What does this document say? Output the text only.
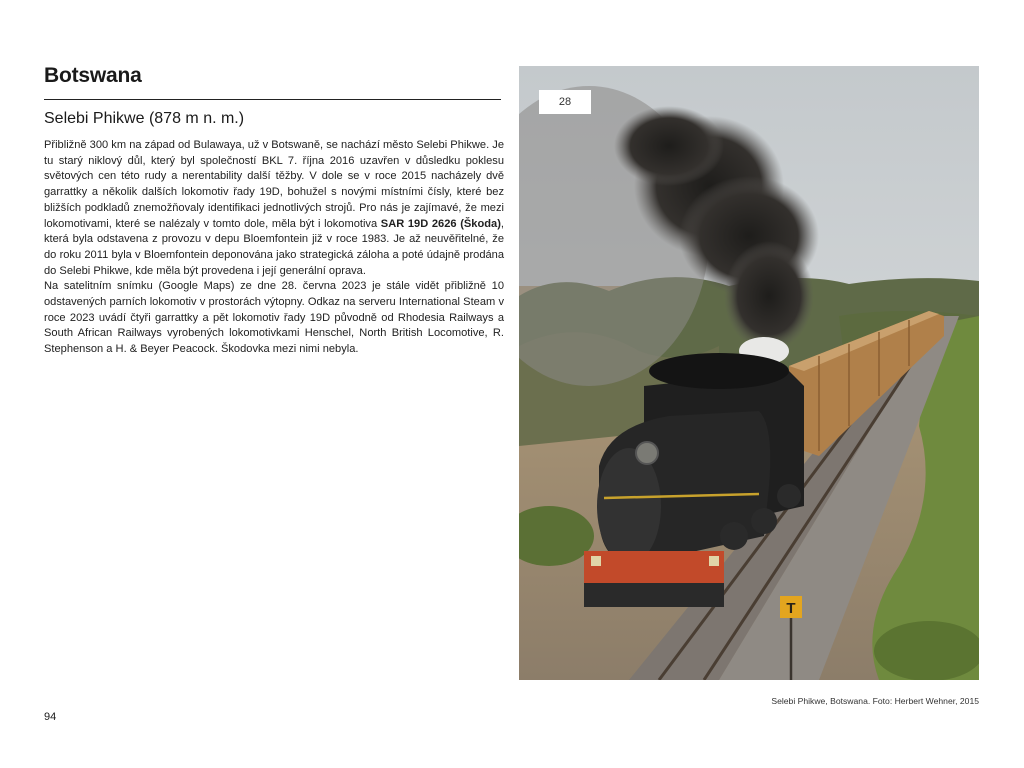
Botswana
Selebi Phikwe (878 m n. m.)

Přibližně 300 km na západ od Bulawaya, už v Botswaně, se nachází město Selebi Phikwe. Je tu starý niklový důl, který byl společností BKL 7. října 2016 uzavřen v důsledku poklesu světových cen této rudy a nerentability další těžby. V dole se v roce 2015 nacházely dvě garrattky a několik dalších lokomotiv řady 19D, bohužel s novými místními čísly, které bez bližších podkladů znemožňovaly identifikaci jednotlivých strojů. Pro nás je zajímavé, že mezi lokomotivami, které se nalézaly v tomto dole, měla být i lokomotiva SAR 19D 2626 (Škoda), která byla odstavena z provozu v depu Bloemfontein již v roce 1983. Je až neuvěřitelné, že do roku 2011 byla v Bloemfontein deponována jako strategická záloha a poté údajně prodána do Selebi Phikwe, kde měla být provedena i její generální oprava.

Na satelitním snímku (Google Maps) ze dne 28. června 2023 je stále vidět přibližně 10 odstavených parních lokomotiv v prostorách výtopny. Odkaz na serveru International Steam v roce 2023 uvádí čtyři garrattky a pět lokomotiv řady 19D původně od Rhodesia Railways a South African Railways vyrobených lokomotivkami Henschel, North British Locomotive, R. Stephenson a H. & Beyer Peacock. Škodovka mezi nimi nebyla.

T
28
Selebi Phikwe, Botswana. Foto: Herbert Wehner, 2015
94
